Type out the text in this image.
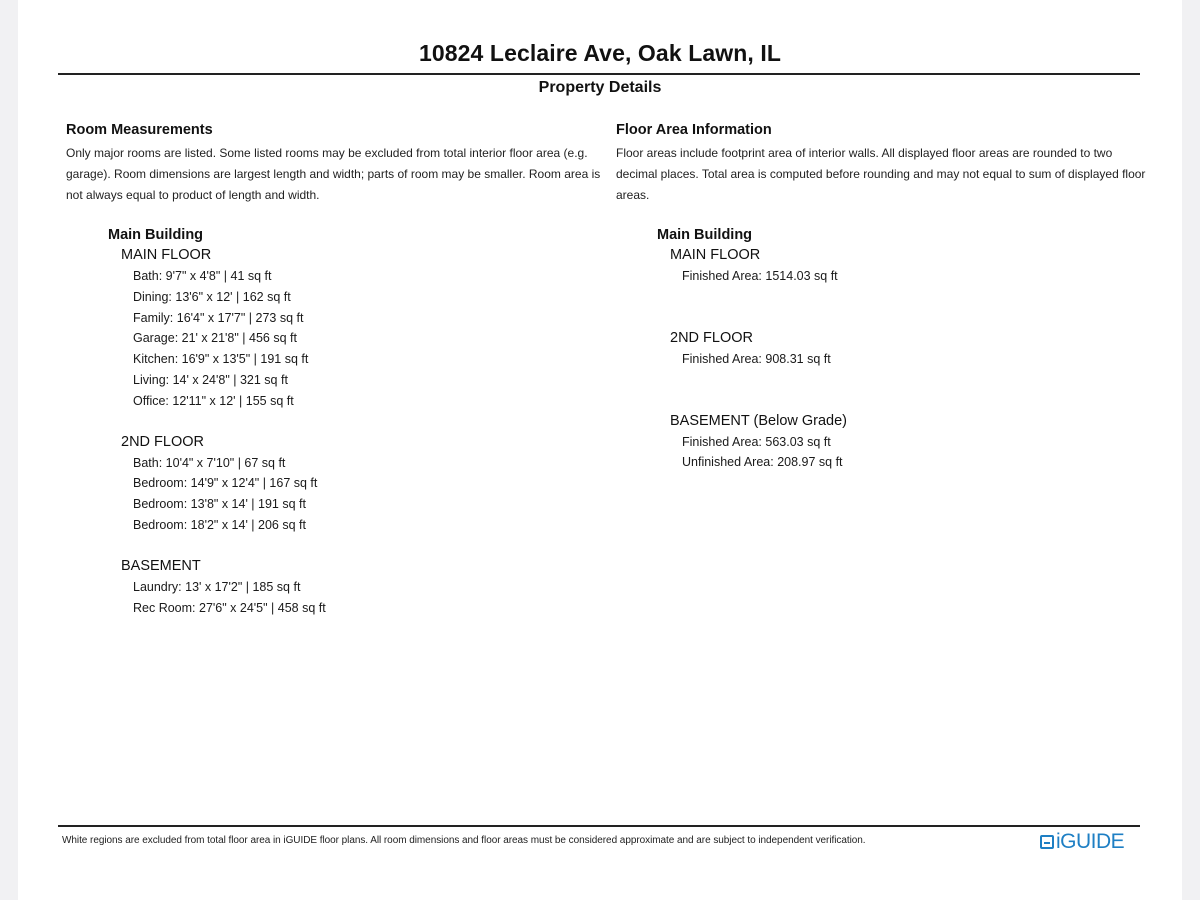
10824 Leclaire Ave, Oak Lawn, IL
Property Details
Room Measurements

Only major rooms are listed. Some listed rooms may be excluded from total interior floor area (e.g. garage). Room dimensions are largest length and width; parts of room may be smaller. Room area is not always equal to product of length and width.

Floor Area Information

Floor areas include footprint area of interior walls. All displayed floor areas are rounded to two decimal places. Total area is computed before rounding and may not equal to sum of displayed floor areas.

Main Building
MAIN FLOOR
Bath: 9'7" x 4'8" | 41 sq ft
Dining: 13'6" x 12' | 162 sq ft
Family: 16'4" x 17'7" | 273 sq ft
Garage: 21' x 21'8" | 456 sq ft
Kitchen: 16'9" x 13'5" | 191 sq ft
Living: 14' x 24'8" | 321 sq ft
Office: 12'11" x 12' | 155 sq ft
2ND FLOOR
Bath: 10'4" x 7'10" | 67 sq ft
Bedroom: 14'9" x 12'4" | 167 sq ft
Bedroom: 13'8" x 14' | 191 sq ft
Bedroom: 18'2" x 14' | 206 sq ft
BASEMENT
Laundry: 13' x 17'2" | 185 sq ft
Rec Room: 27'6" x 24'5" | 458 sq ft
Main Building
MAIN FLOOR
Finished Area: 1514.03 sq ft
2ND FLOOR
Finished Area: 908.31 sq ft
BASEMENT (Below Grade)
Finished Area: 563.03 sq ft
Unfinished Area: 208.97 sq ft
White regions are excluded from total floor area in iGUIDE floor plans. All room dimensions and floor areas must be considered approximate and are subject to independent verification.	iGUIDE
